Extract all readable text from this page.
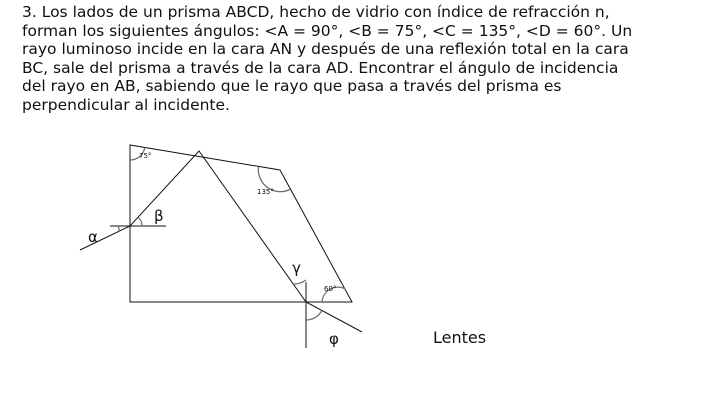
3. Los lados de un prisma ABCD, hecho de vidrio con índice de refracción n,
forman los siguientes ángulos: <A = 90°, <B = 75°, <C = 135°, <D = 60°. Un
rayo luminoso incide en la cara AN y después de una reflexión total en la cara
BC, sale del prisma a través de la cara AD. Encontrar el ángulo de incidencia
del rayo en AB, sabiendo que le rayo que pasa a través del prisma es
perpendicular al incidente.
75°
135°
60°
α
β
γ
φ	Lentes
